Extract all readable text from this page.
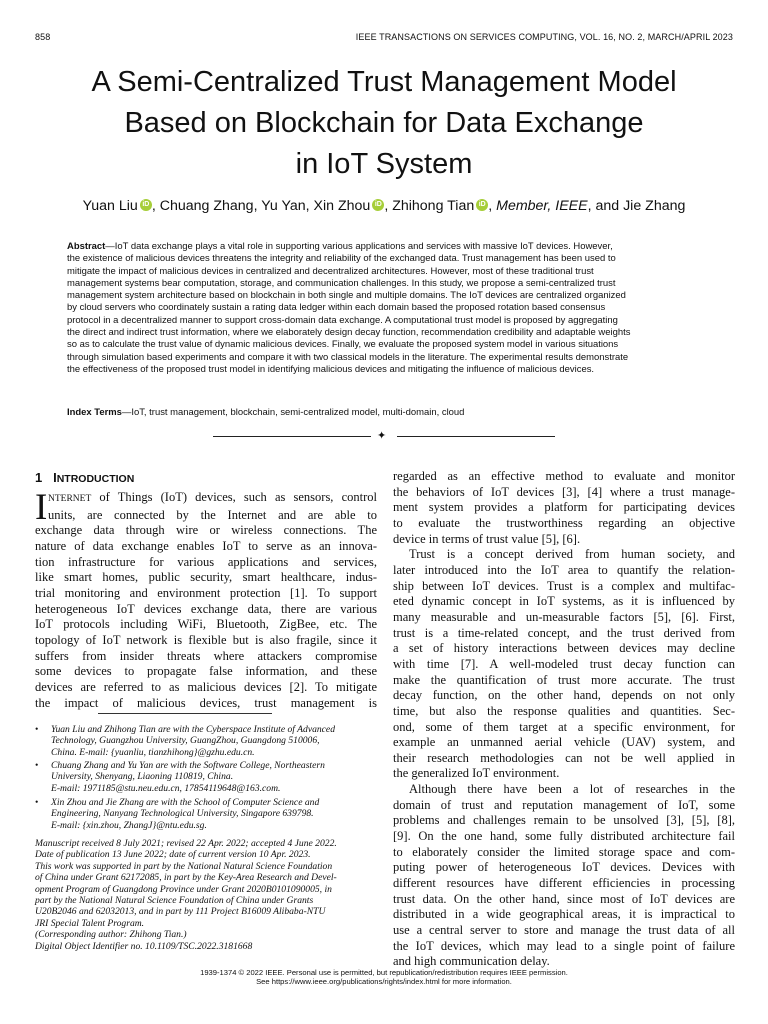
858	IEEE TRANSACTIONS ON SERVICES COMPUTING, VOL. 16, NO. 2, MARCH/APRIL 2023
A Semi-Centralized Trust Management Model
Based on Blockchain for Data Exchange
in IoT System
Yuan Liu iD , Chuang Zhang, Yu Yan, Xin Zhou iD , Zhihong Tian iD , Member, IEEE, and Jie Zhang

Abstract—IoT data exchange plays a vital role in supporting various applications and services with massive IoT devices. However,

the existence of malicious devices threatens the integrity and reliability of the exchanged data. Trust management has been used to

mitigate the impact of malicious devices in centralized and decentralized architectures. However, most of these traditional trust

management systems bear computation, storage, and communication challenges. In this study, we propose a semi-centralized trust

management system architecture based on blockchain in both single and multiple domains. The IoT devices are centralized organized

by cloud servers who coordinately sustain a rating data ledger within each domain based the proposed rotation based consensus

protocol in a decentralized manner to support cross-domain data exchange. A computational trust model is proposed by aggregating

the direct and indirect trust information, where we elaborately design decay function, recommendation credibility and adaptable weights

so as to calculate the trust value of dynamic malicious devices. Finally, we evaluate the proposed system model in various situations

through simulation based experiments and compare it with two classical models in the literature. The experimental results demonstrate

the effectiveness of the proposed trust model in identifying malicious devices and mitigating the influence of malicious devices.

Index Terms—IoT, trust management, blockchain, semi-centralized model, multi-domain, cloud
✦
1 INTRODUCTION
I NTERNET of Things (IoT) devices, such as sensors, control
units, are connected by the Internet and are able to
exchange data through wire or wireless connections. The
nature of data exchange enables IoT to serve as an innova-
tion infrastructure for various applications and services,
like smart homes, public security, smart healthcare, indus-
trial monitoring and environment protection [1]. To support
heterogeneous IoT devices exchange data, there are various
IoT protocols including WiFi, Bluetooth, ZigBee, etc. The
topology of IoT network is flexible but is also fragile, since it
suffers from insider threats where attackers compromise
some devices to propagate false information, and these
devices are referred to as malicious devices [2]. To mitigate
the impact of malicious devices, trust management is
•	Yuan Liu and Zhihong Tian are with the Cyberspace Institute of Advanced
Technology, Guangzhou University, GuangZhou, Guangdong 510006,
China. E-mail: {yuanliu, tianzhihong}@gzhu.edu.cn.
•	Chuang Zhang and Yu Yan are with the Software College, Northeastern
University, Shenyang, Liaoning 110819, China.
E-mail: 1971185@stu.neu.edu.cn, 17854119648@163.com.
•	Xin Zhou and Jie Zhang are with the School of Computer Science and
Engineering, Nanyang Technological University, Singapore 639798.
E-mail: {xin.zhou, ZhangJ}@ntu.edu.sg.
Manuscript received 8 July 2021; revised 22 Apr. 2022; accepted 4 June 2022.
Date of publication 13 June 2022; date of current version 10 Apr. 2023.
This work was supported in part by the National Natural Science Foundation
of China under Grant 62172085, in part by the Key-Area Research and Devel-
opment Program of Guangdong Province under Grant 2020B0101090005, in
part by the National Natural Science Foundation of China under Grants
U20B2046 and 62032013, and in part by 111 Project B16009 Alibaba-NTU
JRI Special Talent Program.
(Corresponding author: Zhihong Tian.)
Digital Object Identifier no. 10.1109/TSC.2022.3181668
regarded as an effective method to evaluate and monitor
the behaviors of IoT devices [3], [4] where a trust manage-
ment system provides a platform for participating devices
to evaluate the trustworthiness regarding an objective
device in terms of trust value [5], [6].
Trust is a concept derived from human society, and
later introduced into the IoT area to quantify the relation-
ship between IoT devices. Trust is a complex and multifac-
eted dynamic concept in IoT systems, as it is influenced by
many measurable and un-measurable factors [5], [6]. First,
trust is a time-related concept, and the trust derived from
a set of history interactions between devices may decline
with time [7]. A well-modeled trust decay function can
make the quantification of trust more accurate. The trust
decay function, on the other hand, depends on not only
time, but also the response qualities and quantities. Sec-
ond, some of them target at a specific environment, for
example an unmanned aerial vehicle (UAV) system, and
their research methodologies can not be well applied in
the generalized IoT environment.
Although there have been a lot of researches in the
domain of trust and reputation management of IoT, some
problems and challenges remain to be unsolved [3], [5], [8],
[9]. On the one hand, some fully distributed architecture fail
to elaborately consider the limited storage space and com-
puting power of heterogeneous IoT devices. Devices with
different resources have different efficiencies in processing
trust data. On the other hand, since most of IoT devices are
distributed in a wide geographical areas, it is impractical to
use a central server to store and manage the trust data of all
the IoT devices, which may lead to a single point of failure
and high communication delay.
1939-1374 © 2022 IEEE. Personal use is permitted, but republication/redistribution requires IEEE permission.
See https://www.ieee.org/publications/rights/index.html for more information.
